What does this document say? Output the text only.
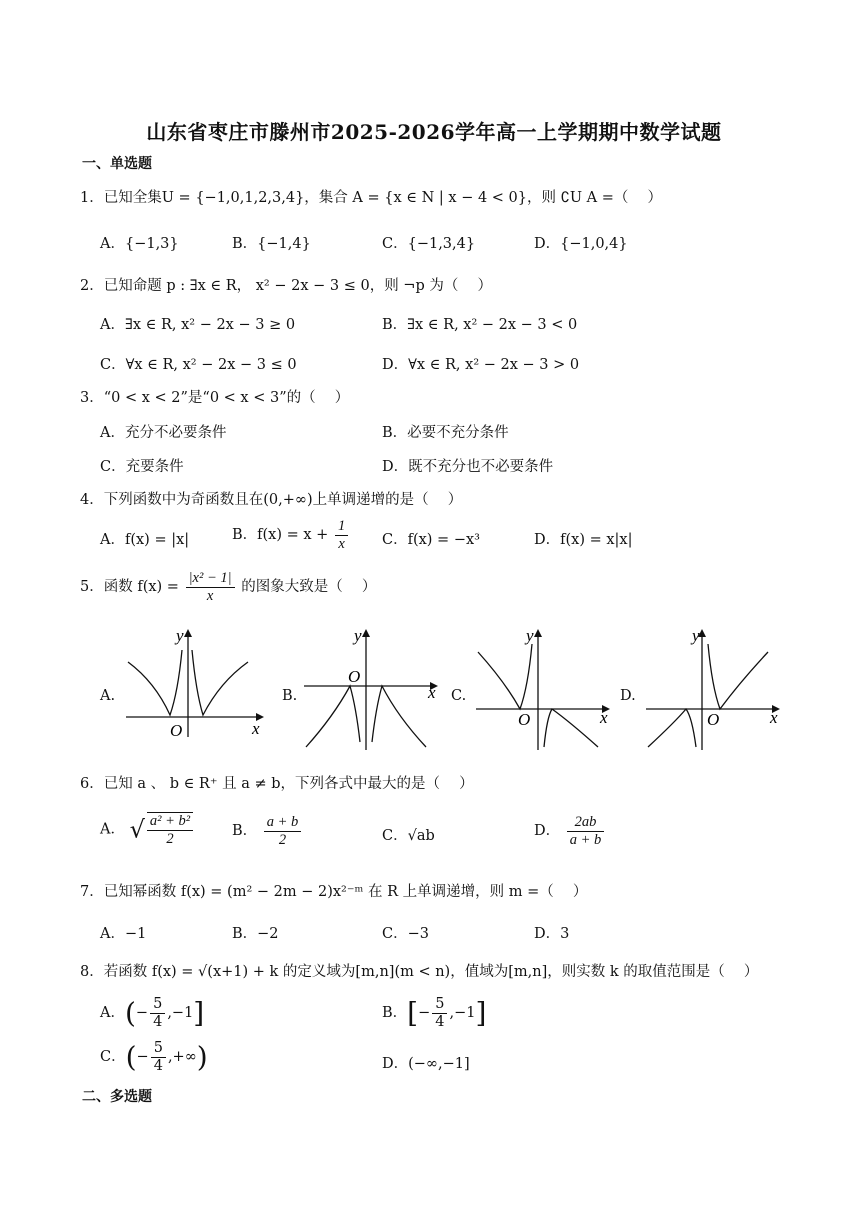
山东省枣庄市滕州市2025-2026学年高一上学期期中数学试题
一、单选题
1．已知全集U = {−1,0,1,2,3,4}，集合 A = {x ∈ N | x − 4 < 0}，则 ∁U A =（　 ）
A．{−1,3}	B．{−1,4}	C．{−1,3,4}	D．{−1,0,4}
2．已知命题 p : ∃x ∈ R， x² − 2x − 3 ≤ 0，则 ¬p 为（　 ）
A．∃x ∈ R, x² − 2x − 3 ≥ 0	B．∃x ∈ R, x² − 2x − 3 < 0
C．∀x ∈ R, x² − 2x − 3 ≤ 0	D．∀x ∈ R, x² − 2x − 3 > 0
3．“0 < x < 2”是“0 < x < 3”的（　 ）
A．充分不必要条件	B．必要不充分条件
C．充要条件	D．既不充分也不必要条件
4．下列函数中为奇函数且在(0,+∞)上单调递增的是（　 ）
A．f(x) = |x|	B．$f(x) = x + \frac{1}{x}$ C．f(x) = −x³	D．f(x) = x|x|
5．函数 $f(x) = \frac{\text{|x² − 1|}}{x}$ 的图象大致是（　 ）
A.
y
x
O
B.
y
x
O
C.
y
x
O
D.
y
x
O
6．已知 a 、 b ∈ R⁺ 且 a ≠ b，下列各式中最大的是（　 ）
A． √ $\frac{\text{a² + b²}}{2}$	B． $\frac{a + b}{2}$	C．√ab	D． $\frac{2ab}{a + b}$
7．已知幂函数 f(x) = (m² − 2m − 2)x²⁻ᵐ 在 R 上单调递增，则 m =（　 ）
A．−1	B．−2	C．−3	D．3
8．若函数 f(x) = √(x+1) + k 的定义域为[m,n](m < n)，值域为[m,n]，则实数 k 的取值范围是（　 ）
A．(− $\frac{5}{4} ,-1$]	B．[− $\frac{5}{4} ,-1$]
C．(− $\frac{5}{4}$ ,+∞)	D．(−∞,−1]
二、多选题
